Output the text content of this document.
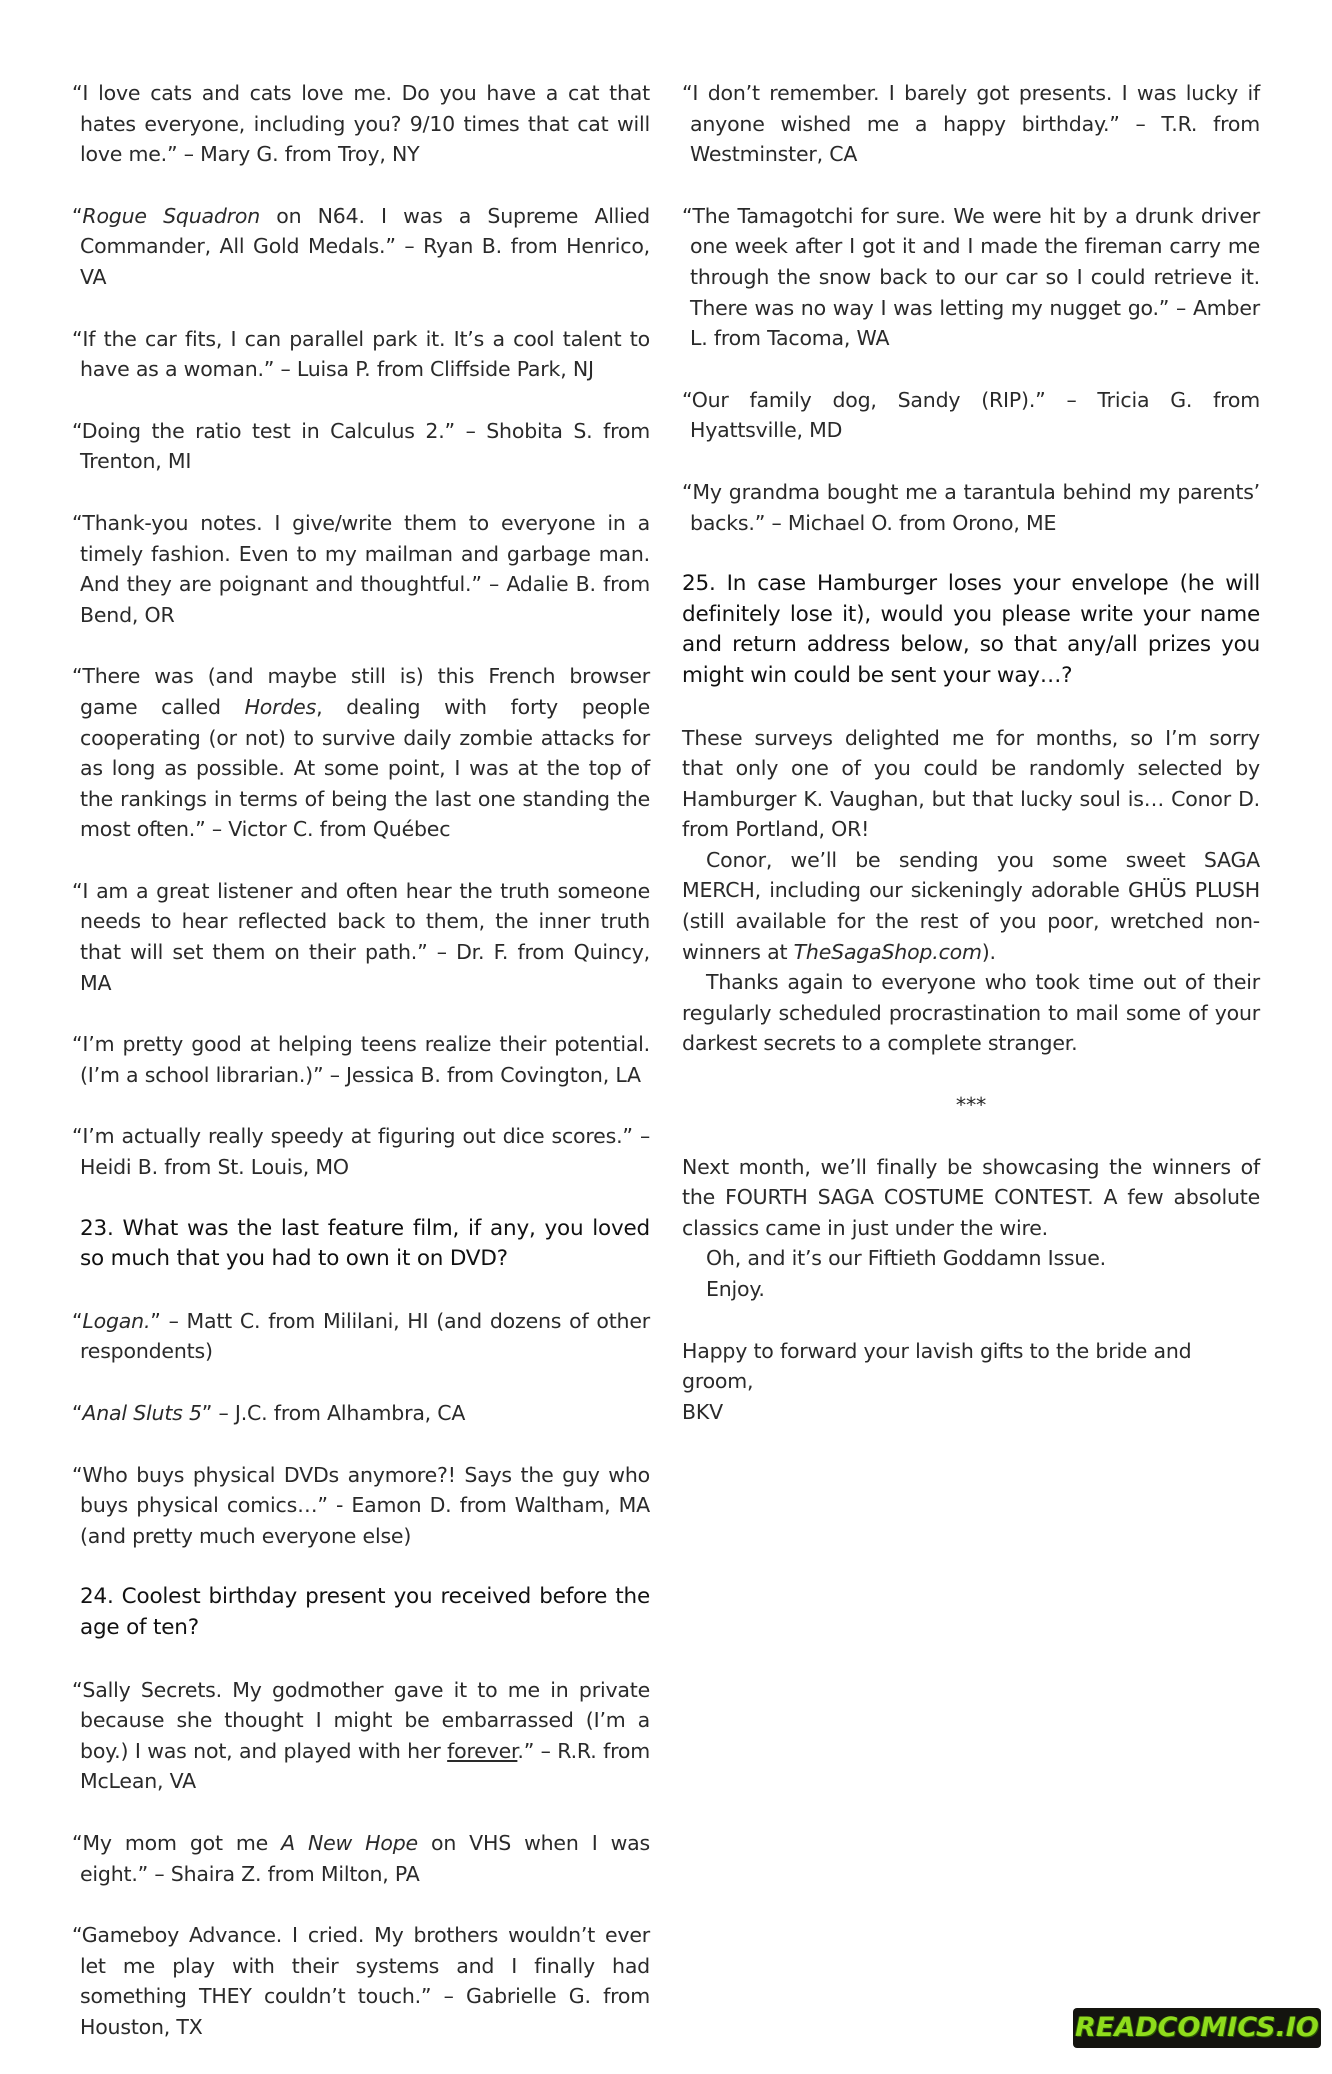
“I love cats and cats love me. Do you have a cat that hates everyone, including you? 9/10 times that cat will love me.” – Mary G. from Troy, NY

“Rogue Squadron on N64. I was a Supreme Allied Commander, All Gold Medals.” – Ryan B. from Henrico, VA

“If the car fits, I can parallel park it. It’s a cool talent to have as a woman.” – Luisa P. from Cliffside Park, NJ

“Doing the ratio test in Calculus 2.” – Shobita S. from Trenton, MI

“Thank-you notes. I give/write them to everyone in a timely fashion. Even to my mailman and garbage man. And they are poignant and thoughtful.” – Adalie B. from Bend, OR

“There was (and maybe still is) this French browser game called Hordes, dealing with forty people cooperating (or not) to survive daily zombie attacks for as long as possible. At some point, I was at the top of the rankings in terms of being the last one standing the most often.” – Victor C. from Québec

“I am a great listener and often hear the truth someone needs to hear reflected back to them, the inner truth that will set them on their path.” – Dr. F. from Quincy, MA

“I’m pretty good at helping teens realize their potential. (I’m a school librarian.)” – Jessica B. from Covington, LA

“I’m actually really speedy at figuring out dice scores.” – Heidi B. from St. Louis, MO

23. What was the last feature film, if any, you loved so much that you had to own it on DVD?

“Logan.” – Matt C. from Mililani, HI (and dozens of other respondents)

“Anal Sluts 5” – J.C. from Alhambra, CA

“Who buys physical DVDs anymore?! Says the guy who buys physical comics…” - Eamon D. from Waltham, MA (and pretty much everyone else)

24. Coolest birthday present you received before the age of ten?

“Sally Secrets. My godmother gave it to me in private because she thought I might be embarrassed (I’m a boy.) I was not, and played with her forever.” – R.R. from McLean, VA

“My mom got me A New Hope on VHS when I was eight.” – Shaira Z. from Milton, PA

“Gameboy Advance. I cried. My brothers wouldn’t ever let me play with their systems and I finally had something THEY couldn’t touch.” – Gabrielle G. from Houston, TX

“I don’t remember. I barely got presents. I was lucky if anyone wished me a happy birthday.” – T.R. from Westminster, CA

“The Tamagotchi for sure. We were hit by a drunk driver one week after I got it and I made the fireman carry me through the snow back to our car so I could retrieve it. There was no way I was letting my nugget go.” – Amber L. from Tacoma, WA

“Our family dog, Sandy (RIP).” – Tricia G. from Hyattsville, MD

“My grandma bought me a tarantula behind my parents’ backs.” – Michael O. from Orono, ME

25. In case Hamburger loses your envelope (he will definitely lose it), would you please write your name and return address below, so that any/all prizes you might win could be sent your way…?

These surveys delighted me for months, so I’m sorry that only one of you could be randomly selected by Hamburger K. Vaughan, but that lucky soul is… Conor D. from Portland, OR!

Conor, we’ll be sending you some sweet SAGA MERCH, including our sickeningly adorable GHÜS PLUSH (still available for the rest of you poor, wretched non-winners at TheSagaShop.com).

Thanks again to everyone who took time out of their regularly scheduled procrastination to mail some of your darkest secrets to a complete stranger.

***

Next month, we’ll finally be showcasing the winners of the FOURTH SAGA COSTUME CONTEST. A few absolute classics came in just under the wire.

Oh, and it’s our Fiftieth Goddamn Issue.

Enjoy.

Happy to forward your lavish gifts to the bride and groom,

BKV

READCOMICS.IO
